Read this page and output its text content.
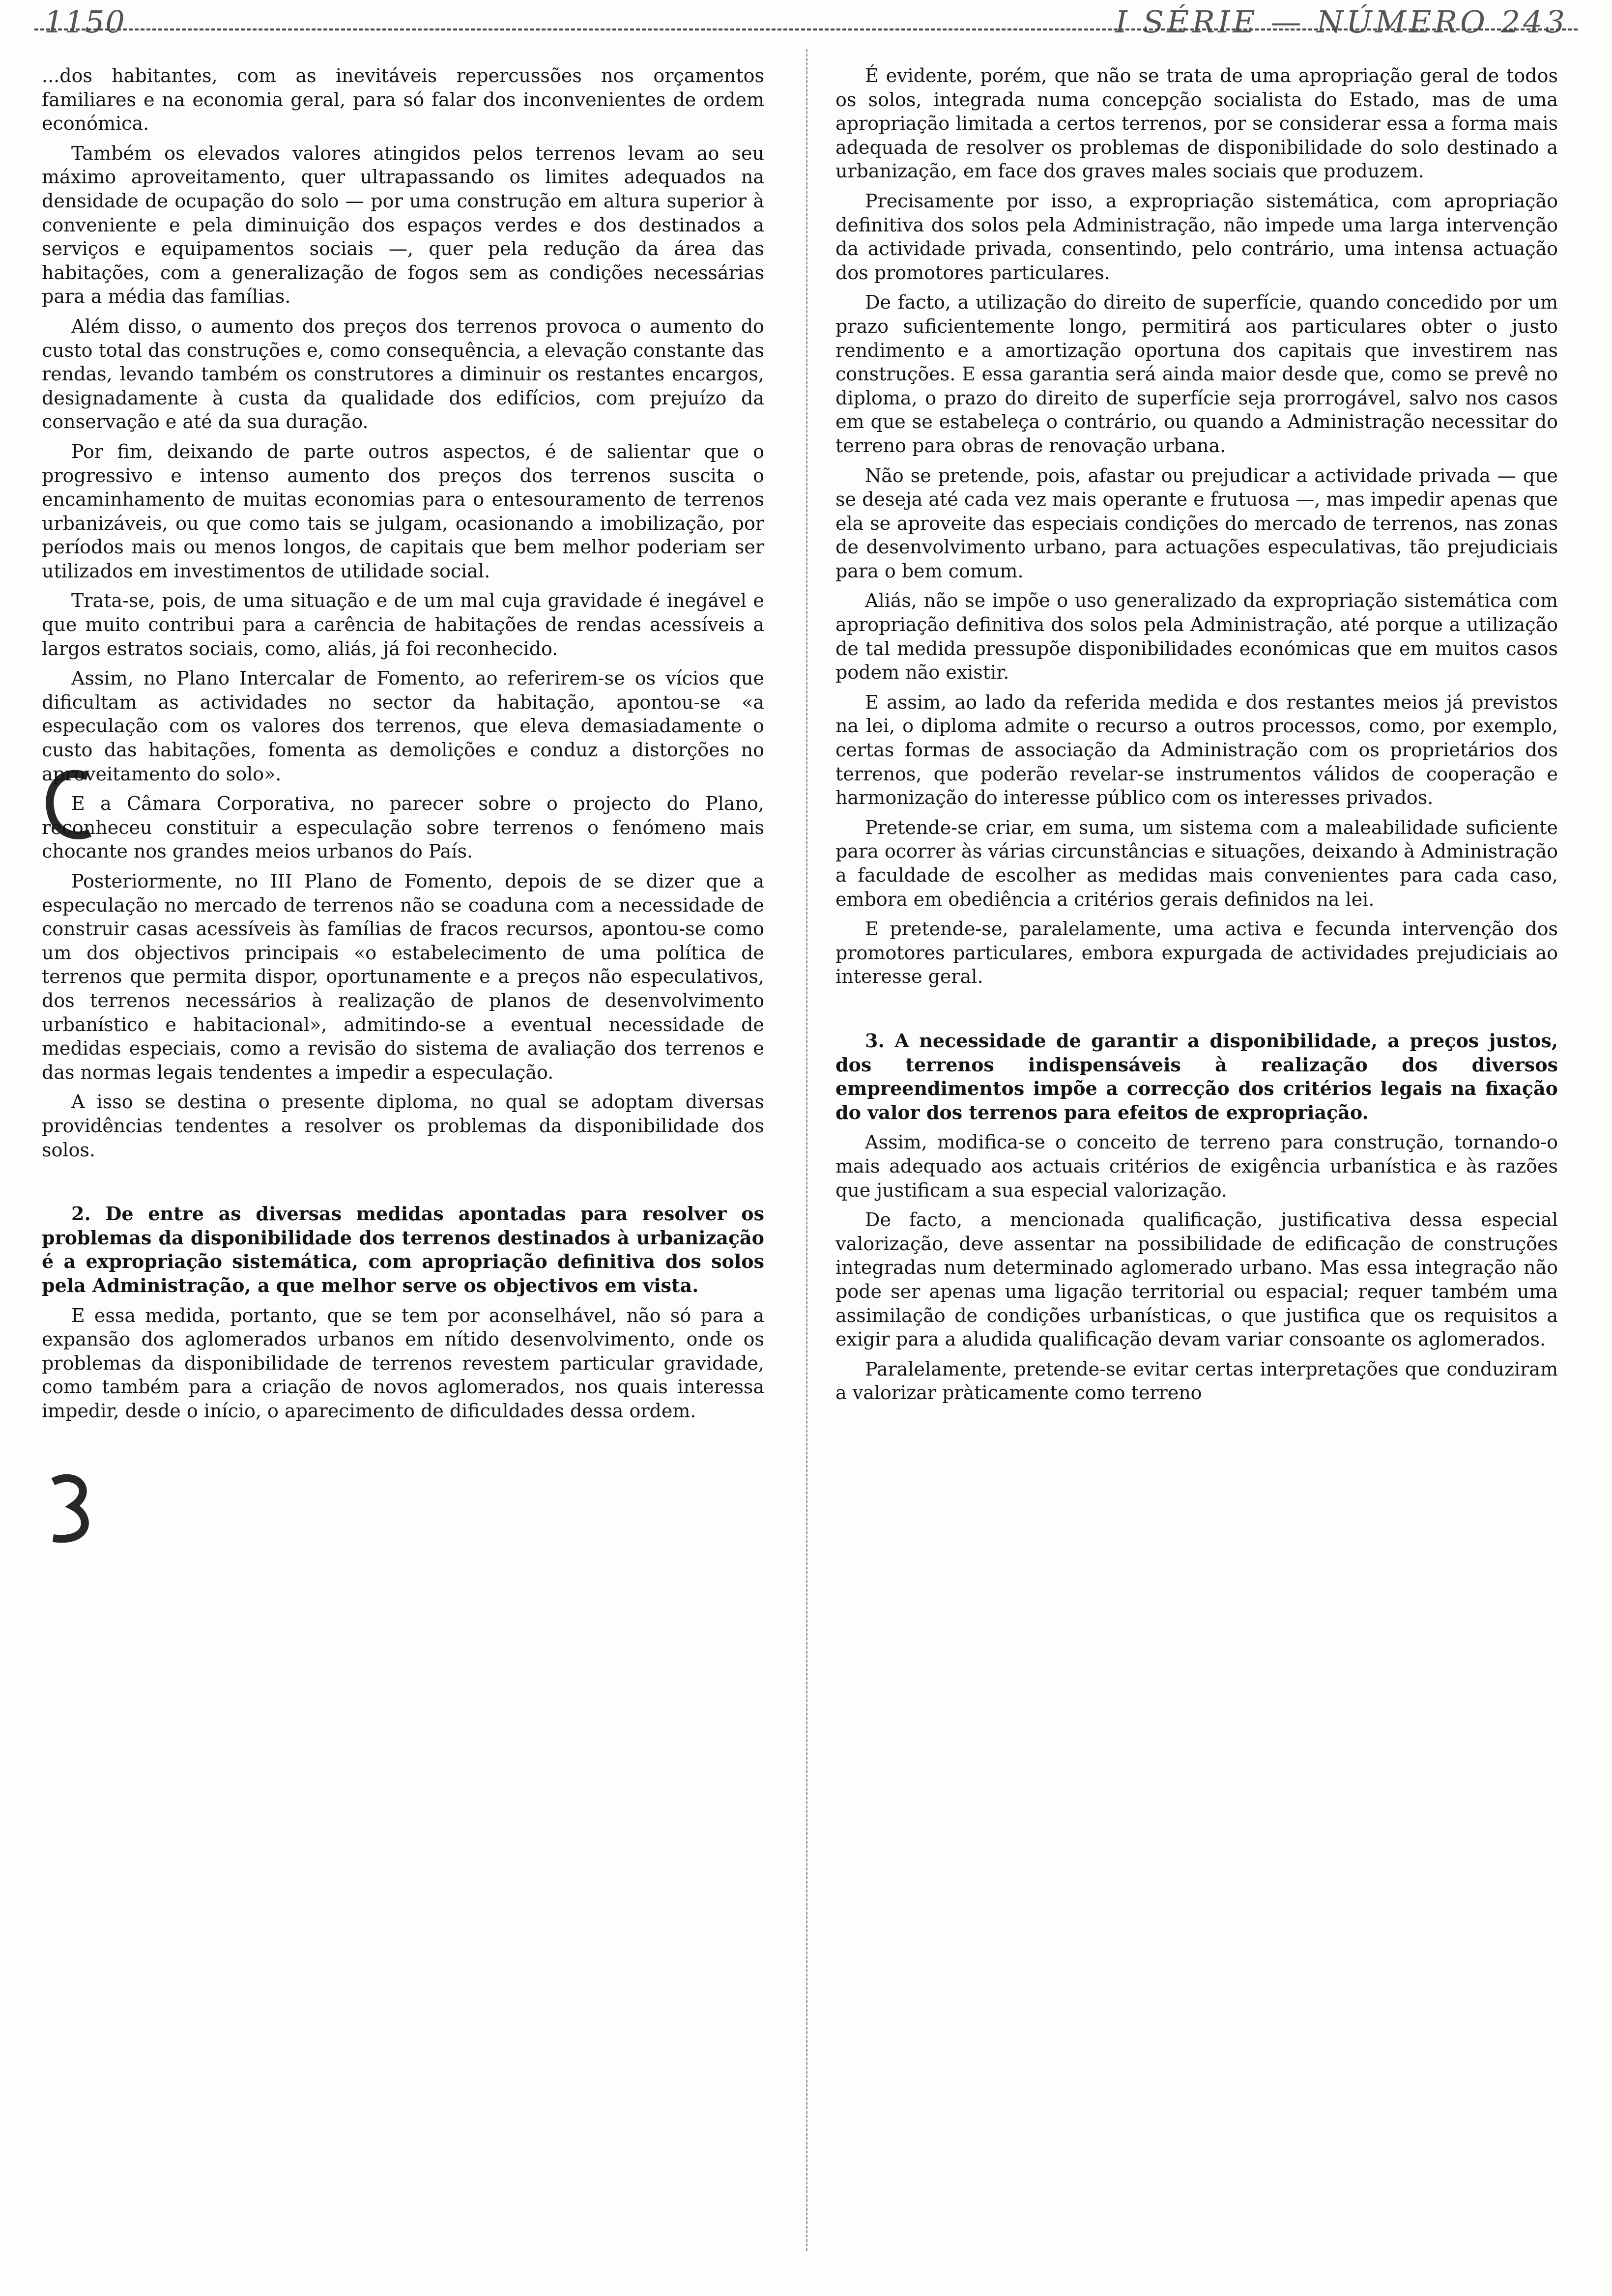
1150	I SÉRIE — NÚMERO 243

...dos habitantes, com as inevitáveis repercussões nos orçamentos familiares e na economia geral, para só falar dos inconvenientes de ordem económica.

Também os elevados valores atingidos pelos terrenos levam ao seu máximo aproveitamento, quer ultrapassando os limites adequados na densidade de ocupação do solo — por uma construção em altura superior à conveniente e pela diminuição dos espaços verdes e dos destinados a serviços e equipamentos sociais —, quer pela redução da área das habitações, com a generalização de fogos sem as condições necessárias para a média das famílias.

Além disso, o aumento dos preços dos terrenos provoca o aumento do custo total das construções e, como consequência, a elevação constante das rendas, levando também os construtores a diminuir os restantes encargos, designadamente à custa da qualidade dos edifícios, com prejuízo da conservação e até da sua duração.

Por fim, deixando de parte outros aspectos, é de salientar que o progressivo e intenso aumento dos preços dos terrenos suscita o encaminhamento de muitas economias para o entesouramento de terrenos urbanizáveis, ou que como tais se julgam, ocasionando a imobilização, por períodos mais ou menos longos, de capitais que bem melhor poderiam ser utilizados em investimentos de utilidade social.

Trata-se, pois, de uma situação e de um mal cuja gravidade é inegável e que muito contribui para a carência de habitações de rendas acessíveis a largos estratos sociais, como, aliás, já foi reconhecido.

Assim, no Plano Intercalar de Fomento, ao referirem-se os vícios que dificultam as actividades no sector da habitação, apontou-se «a especulação com os valores dos terrenos, que eleva demasiadamente o custo das habitações, fomenta as demolições e conduz a distorções no aproveitamento do solo».

E a Câmara Corporativa, no parecer sobre o projecto do Plano, reconheceu constituir a especulação sobre terrenos o fenómeno mais chocante nos grandes meios urbanos do País.

Posteriormente, no III Plano de Fomento, depois de se dizer que a especulação no mercado de terrenos não se coaduna com a necessidade de construir casas acessíveis às famílias de fracos recursos, apontou-se como um dos objectivos principais «o estabelecimento de uma política de terrenos que permita dispor, oportunamente e a preços não especulativos, dos terrenos necessários à realização de planos de desenvolvimento urbanístico e habitacional», admitindo-se a eventual necessidade de medidas especiais, como a revisão do sistema de avaliação dos terrenos e das normas legais tendentes a impedir a especulação.

A isso se destina o presente diploma, no qual se adoptam diversas providências tendentes a resolver os problemas da disponibilidade dos solos.

2. De entre as diversas medidas apontadas para resolver os problemas da disponibilidade dos terrenos destinados à urbanização é a expropriação sistemática, com apropriação definitiva dos solos pela Administração, a que melhor serve os objectivos em vista.

E essa medida, portanto, que se tem por aconselhável, não só para a expansão dos aglomerados urbanos em nítido desenvolvimento, onde os problemas da disponibilidade de terrenos revestem particular gravidade, como também para a criação de novos aglomerados, nos quais interessa impedir, desde o início, o aparecimento de dificuldades dessa ordem.

É evidente, porém, que não se trata de uma apropriação geral de todos os solos, integrada numa concepção socialista do Estado, mas de uma apropriação limitada a certos terrenos, por se considerar essa a forma mais adequada de resolver os problemas de disponibilidade do solo destinado a urbanização, em face dos graves males sociais que produzem.

Precisamente por isso, a expropriação sistemática, com apropriação definitiva dos solos pela Administração, não impede uma larga intervenção da actividade privada, consentindo, pelo contrário, uma intensa actuação dos promotores particulares.

De facto, a utilização do direito de superfície, quando concedido por um prazo suficientemente longo, permitirá aos particulares obter o justo rendimento e a amortização oportuna dos capitais que investirem nas construções. E essa garantia será ainda maior desde que, como se prevê no diploma, o prazo do direito de superfície seja prorrogável, salvo nos casos em que se estabeleça o contrário, ou quando a Administração necessitar do terreno para obras de renovação urbana.

Não se pretende, pois, afastar ou prejudicar a actividade privada — que se deseja até cada vez mais operante e frutuosa —, mas impedir apenas que ela se aproveite das especiais condições do mercado de terrenos, nas zonas de desenvolvimento urbano, para actuações especulativas, tão prejudiciais para o bem comum.

Aliás, não se impõe o uso generalizado da expropriação sistemática com apropriação definitiva dos solos pela Administração, até porque a utilização de tal medida pressupõe disponibilidades económicas que em muitos casos podem não existir.

E assim, ao lado da referida medida e dos restantes meios já previstos na lei, o diploma admite o recurso a outros processos, como, por exemplo, certas formas de associação da Administração com os proprietários dos terrenos, que poderão revelar-se instrumentos válidos de cooperação e harmonização do interesse público com os interesses privados.

Pretende-se criar, em suma, um sistema com a maleabilidade suficiente para ocorrer às várias circunstâncias e situações, deixando à Administração a faculdade de escolher as medidas mais convenientes para cada caso, embora em obediência a critérios gerais definidos na lei.

E pretende-se, paralelamente, uma activa e fecunda intervenção dos promotores particulares, embora expurgada de actividades prejudiciais ao interesse geral.

3. A necessidade de garantir a disponibilidade, a preços justos, dos terrenos indispensáveis à realização dos diversos empreendimentos impõe a correcção dos critérios legais na fixação do valor dos terrenos para efeitos de expropriação.

Assim, modifica-se o conceito de terreno para construção, tornando-o mais adequado aos actuais critérios de exigência urbanística e às razões que justificam a sua especial valorização.

De facto, a mencionada qualificação, justificativa dessa especial valorização, deve assentar na possibilidade de edificação de construções integradas num determinado aglomerado urbano. Mas essa integração não pode ser apenas uma ligação territorial ou espacial; requer também uma assimilação de condições urbanísticas, o que justifica que os requisitos a exigir para a aludida qualificação devam variar consoante os aglomerados.

Paralelamente, pretende-se evitar certas interpretações que conduziram a valorizar pràticamente como terreno
